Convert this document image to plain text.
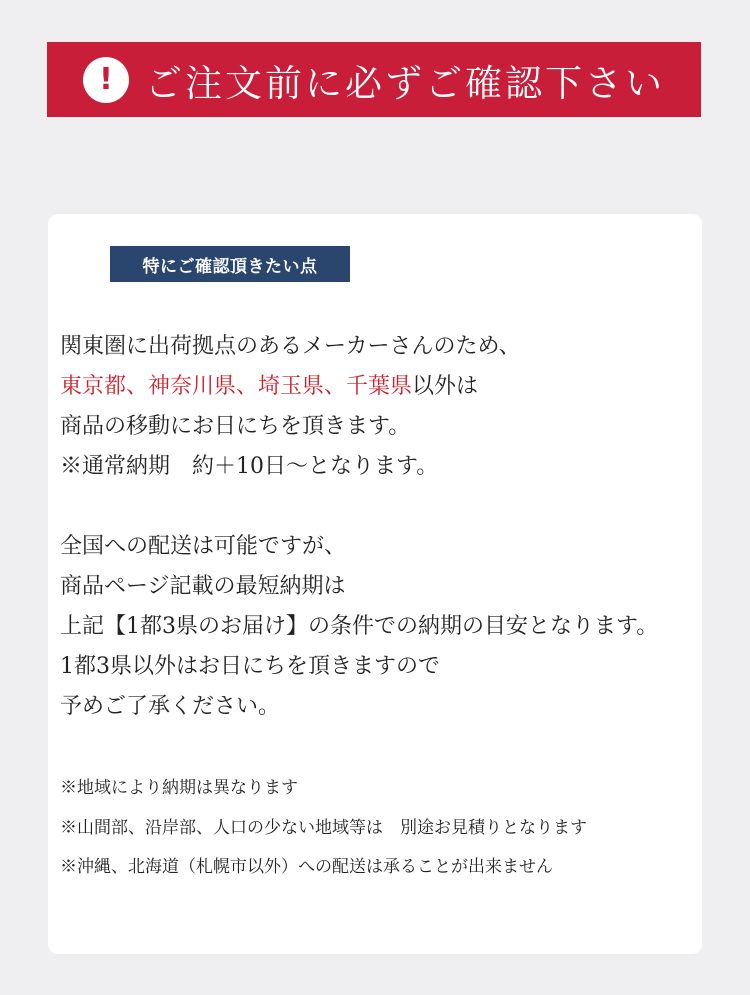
! ご注文前に必ずご確認下さい
特にご確認頂きたい点
関東圏に出荷拠点のあるメーカーさんのため、
東京都、神奈川県、埼玉県、千葉県以外は
商品の移動にお日にちを頂きます。
※通常納期　約＋10日～となります。
全国への配送は可能ですが、
商品ページ記載の最短納期は
上記【1都3県のお届け】の条件での納期の目安となります。
1都3県以外はお日にちを頂きますので
予めご了承ください。
※地域により納期は異なります
※山間部、沿岸部、人口の少ない地域等は　別途お見積りとなります
※沖縄、北海道（札幌市以外）への配送は承ることが出来ません
